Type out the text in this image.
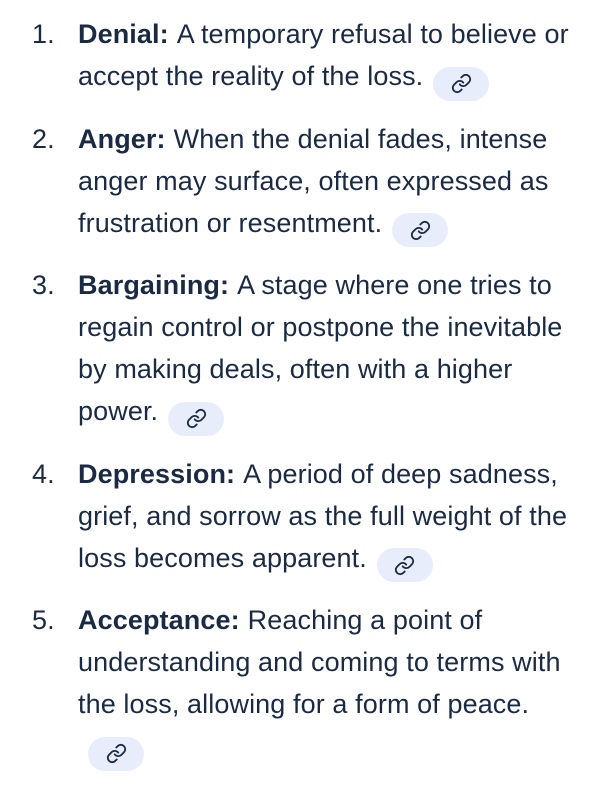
1. Denial: A temporary refusal to believe or accept the reality of the loss.
2. Anger: When the denial fades, intense anger may surface, often expressed as frustration or resentment.
3. Bargaining: A stage where one tries to regain control or postpone the inevitable by making deals, often with a higher power.
4. Depression: A period of deep sadness, grief, and sorrow as the full weight of the loss becomes apparent.
5. Acceptance: Reaching a point of understanding and coming to terms with the loss, allowing for a form of peace.
